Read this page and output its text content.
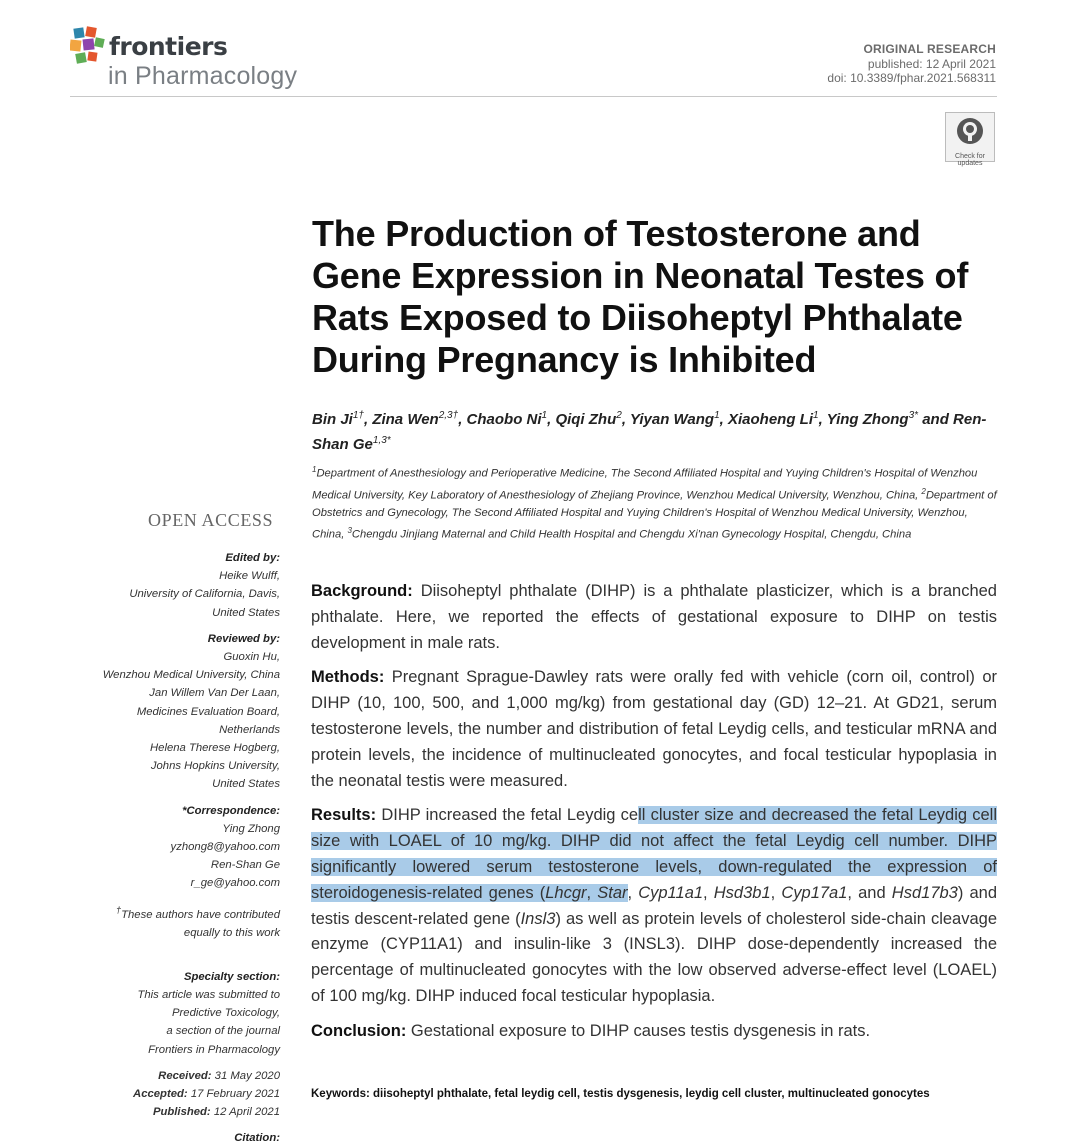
frontiers
in Pharmacology
ORIGINAL RESEARCH
published: 12 April 2021
doi: 10.3389/fphar.2021.568311
Check for updates
The Production of Testosterone and Gene Expression in Neonatal Testes of Rats Exposed to Diisoheptyl Phthalate During Pregnancy is Inhibited
Bin $Ji^{1\dagger}$, Zina Wen$^{2,3\dagger}$, Chaobo Ni$^1$, Qiqi Zhu$^2$, Yiyan Wang$^1$, Xiaoheng Li$^1$, Ying Zhong$^{3*}$ and Ren-Shan $Ge^{1,3*}$
$^1$Department of Anesthesiology and Perioperative Medicine, The Second Affiliated Hospital and Yuying Children's Hospital of Wenzhou Medical University, Key Laboratory of Anesthesiology of Zhejiang Province, Wenzhou Medical University, Wenzhou, China, $^2$Department of Obstetrics and Gynecology, The Second Affiliated Hospital and Yuying Children's Hospital of Wenzhou Medical University, Wenzhou, China, $^3$Chengdu Jinjiang Maternal and Child Health Hospital and Chengdu Xi'nan Gynecology Hospital, Chengdu, China
OPEN ACCESS
Edited by:
Heike Wulff,
University of California, Davis,
United States
Reviewed by:
Guoxin Hu,
Wenzhou Medical University, China
Jan Willem Van Der Laan,
Medicines Evaluation Board,
Netherlands
Helena Therese Hogberg,
Johns Hopkins University,
United States
*Correspondence:
Ying Zhong
yzhong8@yahoo.com
Ren-Shan Ge
r_ge@yahoo.com
†These authors have contributed equally to this work
Specialty section:
This article was submitted to
Predictive Toxicology,
a section of the journal
Frontiers in Pharmacology
Received: 31 May 2020
Accepted: 17 February 2021
Published: 12 April 2021
Citation:

Background: Diisoheptyl phthalate (DIHP) is a phthalate plasticizer, which is a branched phthalate. Here, we reported the effects of gestational exposure to DIHP on testis development in male rats.

Methods: Pregnant Sprague-Dawley rats were orally fed with vehicle (corn oil, control) or DIHP (10, 100, 500, and 1,000 mg/kg) from gestational day (GD) 12–21. At GD21, serum testosterone levels, the number and distribution of fetal Leydig cells, and testicular mRNA and protein levels, the incidence of multinucleated gonocytes, and focal testicular hypoplasia in the neonatal testis were measured.

Results: DIHP increased the fetal Leydig cell cluster size and decreased the fetal Leydig cell size with LOAEL of 10 mg/kg. DIHP did not affect the fetal Leydig cell number. DIHP significantly lowered serum testosterone levels, down-regulated the expression of steroidogenesis-related genes (Lhcgr, Star, Cyp11a1, Hsd3b1, Cyp17a1, and Hsd17b3) and testis descent-related gene (Insl3) as well as protein levels of cholesterol side-chain cleavage enzyme (CYP11A1) and insulin-like 3 (INSL3). DIHP dose-dependently increased the percentage of multinucleated gonocytes with the low observed adverse-effect level (LOAEL) of 100 mg/kg. DIHP induced focal testicular hypoplasia.

Conclusion: Gestational exposure to DIHP causes testis dysgenesis in rats.

Keywords: diisoheptyl phthalate, fetal leydig cell, testis dysgenesis, leydig cell cluster, multinucleated gonocytes
